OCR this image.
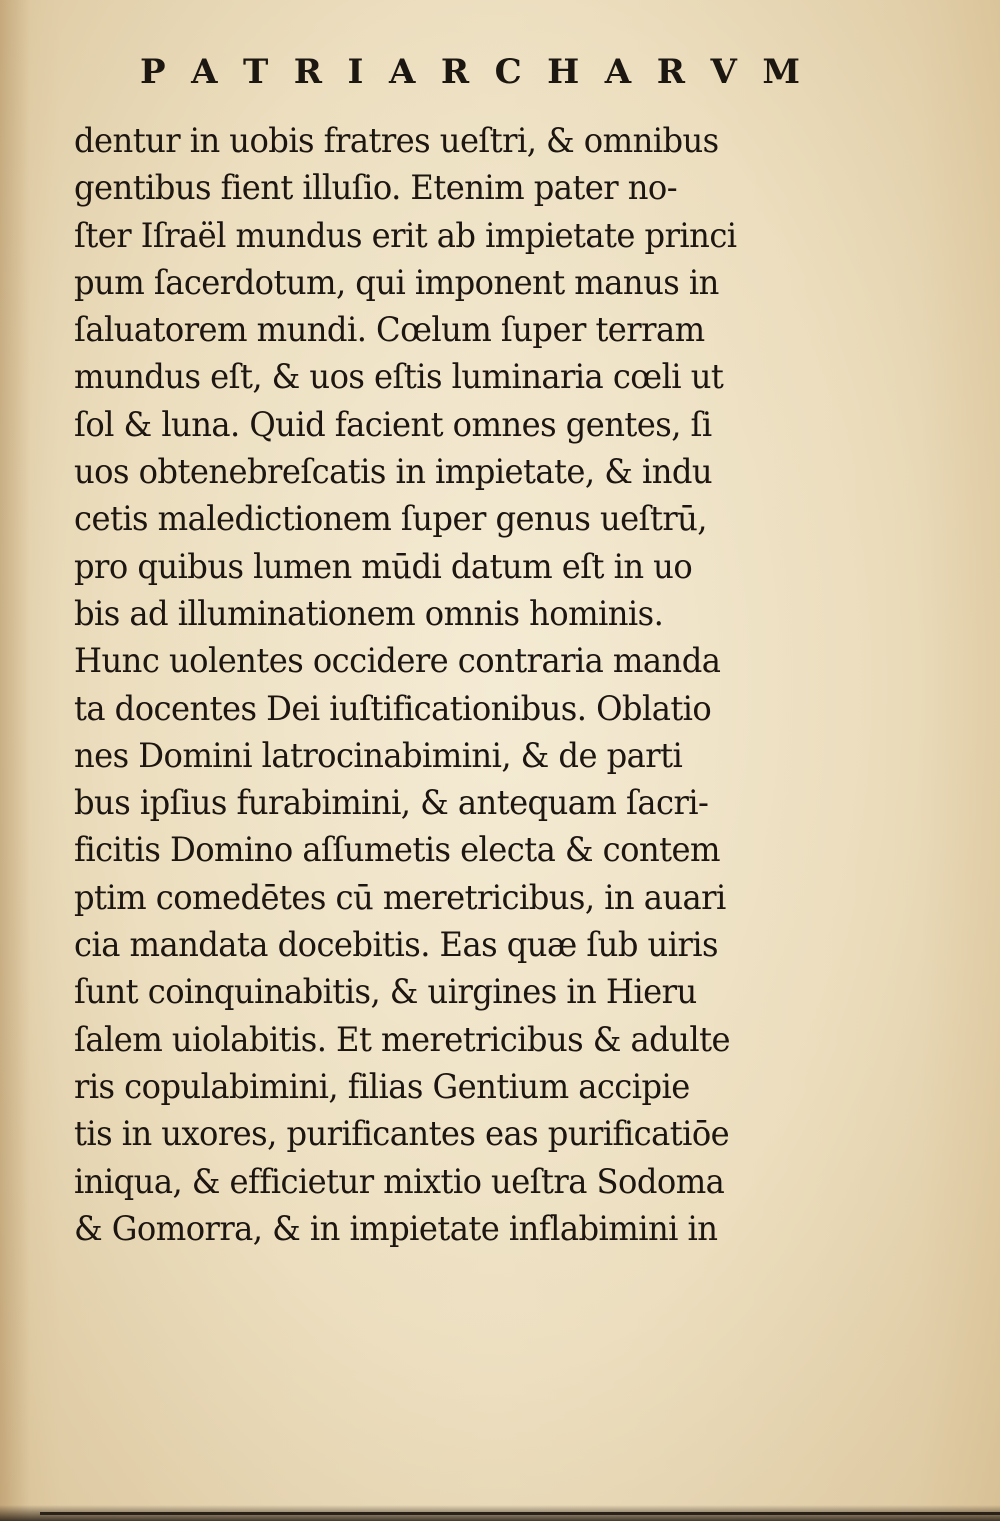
P A T R I A R C H A R V M
dentur in uobis fratres ueſtri, & omnibus
gentibus fient illuſio. Etenim pater no-
ſter Iſraël mundus erit ab impietate princi
pum ſacerdotum, qui imponent manus in
ſaluatorem mundi. Cœlum ſuper terram
mundus eſt, & uos eſtis luminaria cœli ut
ſol & luna. Quid facient omnes gentes, ſi
uos obtenebreſcatis in impietate, & indu
cetis maledictionem ſuper genus ueſtrū,
pro quibus lumen mūdi datum eſt in uo
bis ad illuminationem omnis hominis.
Hunc uolentes occidere contraria manda
ta docentes Dei iuſtificationibus. Oblatio
nes Domini latrocinabimini, & de parti
bus ipſius furabimini, & antequam ſacri-
ficitis Domino aſſumetis electa & contem
ptim comedētes cū meretricibus, in auari
cia mandata docebitis. Eas quæ ſub uiris
ſunt coinquinabitis, & uirgines in Hieru
ſalem uiolabitis. Et meretricibus & adulte
ris copulabimini, filias Gentium accipie
tis in uxores, purificantes eas purificatiōe
iniqua, & efficietur mixtio ueſtra Sodoma
& Gomorra, & in impietate inflabimini in
